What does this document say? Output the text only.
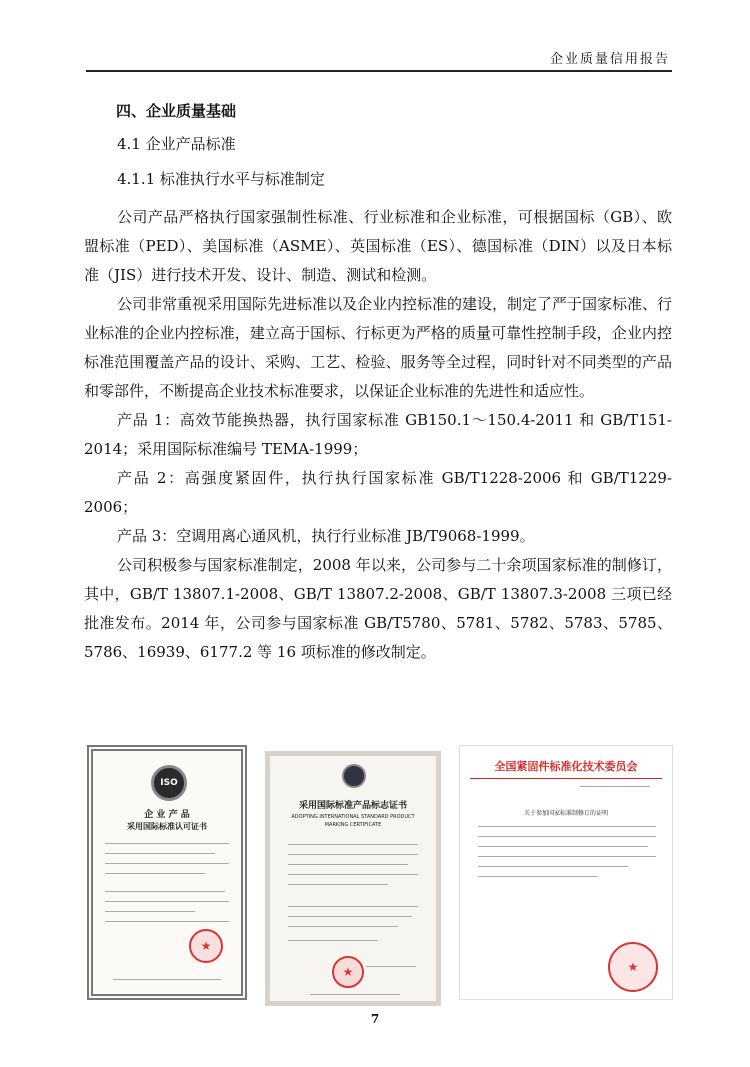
企业质量信用报告
四、企业质量基础
4.1 企业产品标准
4.1.1 标准执行水平与标准制定

公司产品严格执行国家强制性标准、行业标准和企业标准，可根据国标（GB）、欧盟标准（PED）、美国标准（ASME）、英国标准（ES）、德国标准（DIN）以及日本标准（JIS）进行技术开发、设计、制造、测试和检测。

公司非常重视采用国际先进标准以及企业内控标准的建设，制定了严于国家标准、行业标准的企业内控标准，建立高于国标、行标更为严格的质量可靠性控制手段，企业内控标准范围覆盖产品的设计、采购、工艺、检验、服务等全过程，同时针对不同类型的产品和零部件，不断提高企业技术标准要求，以保证企业标准的先进性和适应性。

产品 1：高效节能换热器，执行国家标准 GB150.1～150.4-2011 和 GB/T151-2014；采用国际标准编号 TEMA-1999；

产品 2：高强度紧固件，执行执行国家标准 GB/T1228-2006 和 GB/T1229-2006；

产品 3：空调用离心通风机，执行行业标准 JB/T9068-1999。

公司积极参与国家标准制定，2008 年以来，公司参与二十余项国家标准的制修订，其中，GB/T 13807.1-2008、GB/T 13807.2-2008、GB/T 13807.3-2008 三项已经批准发布。2014 年，公司参与国家标准 GB/T5780、5781、5782、5783、5785、5786、16939、6177.2 等 16 项标准的修改制定。

ISO
企 业 产 品
采用国际标准认可证书
★
采用国际标准产品标志证书
ADOPTING INTERNATIONAL STANDARD PRODUCT
MARKING CERTIFICATE
★
全国紧固件标准化技术委员会
关于参加国家标准制修订的证明
★
7
